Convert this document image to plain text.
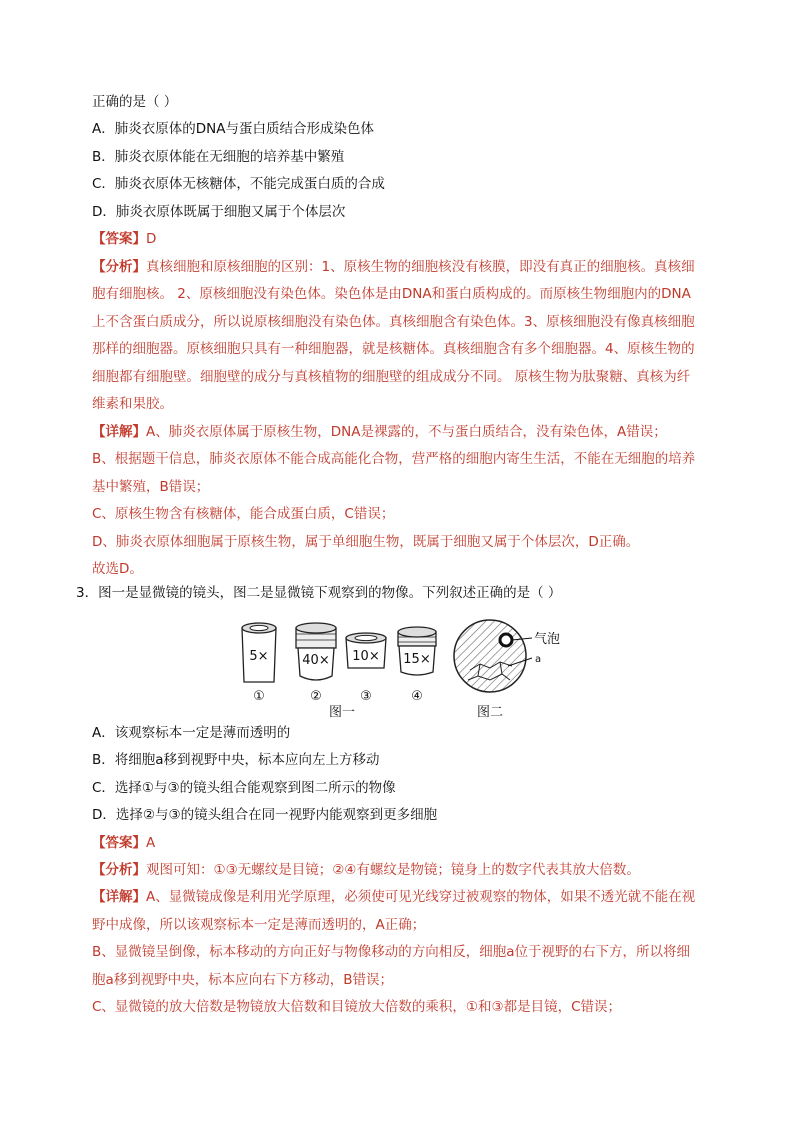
正确的是（ ）
A．肺炎衣原体的DNA与蛋白质结合形成染色体
B．肺炎衣原体能在无细胞的培养基中繁殖
C．肺炎衣原体无核糖体，不能完成蛋白质的合成
D．肺炎衣原体既属于细胞又属于个体层次
【答案】D
【分析】真核细胞和原核细胞的区别：1、原核生物的细胞核没有核膜，即没有真正的细胞核。真核细
胞有细胞核。 2、原核细胞没有染色体。染色体是由DNA和蛋白质构成的。而原核生物细胞内的DNA
上不含蛋白质成分，所以说原核细胞没有染色体。真核细胞含有染色体。3、原核细胞没有像真核细胞
那样的细胞器。原核细胞只具有一种细胞器，就是核糖体。真核细胞含有多个细胞器。4、原核生物的
细胞都有细胞壁。细胞壁的成分与真核植物的细胞壁的组成成分不同。 原核生物为肽聚糖、真核为纤
维素和果胶。
【详解】A、肺炎衣原体属于原核生物，DNA是裸露的，不与蛋白质结合，没有染色体，A错误；
B、根据题干信息，肺炎衣原体不能合成高能化合物，营严格的细胞内寄生生活，不能在无细胞的培养
基中繁殖，B错误；
C、原核生物含有核糖体，能合成蛋白质，C错误；
D、肺炎衣原体细胞属于原核生物，属于单细胞生物，既属于细胞又属于个体层次，D正确。
故选D。
3．图一是显微镜的镜头，图二是显微镜下观察到的物像。下列叙述正确的是（ ）
5×
①
40×
②
10×
③
15×
④
图一
气泡
a
图二
A．该观察标本一定是薄而透明的
B．将细胞a移到视野中央，标本应向左上方移动
C．选择①与③的镜头组合能观察到图二所示的物像
D．选择②与③的镜头组合在同一视野内能观察到更多细胞
【答案】A
【分析】观图可知：①③无螺纹是目镜；②④有螺纹是物镜；镜身上的数字代表其放大倍数。
【详解】A、显微镜成像是利用光学原理，必须使可见光线穿过被观察的物体，如果不透光就不能在视
野中成像，所以该观察标本一定是薄而透明的，A正确；
B、显微镜呈倒像，标本移动的方向正好与物像移动的方向相反，细胞a位于视野的右下方，所以将细
胞a移到视野中央，标本应向右下方移动，B错误；
C、显微镜的放大倍数是物镜放大倍数和目镜放大倍数的乘积，①和③都是目镜，C错误；
